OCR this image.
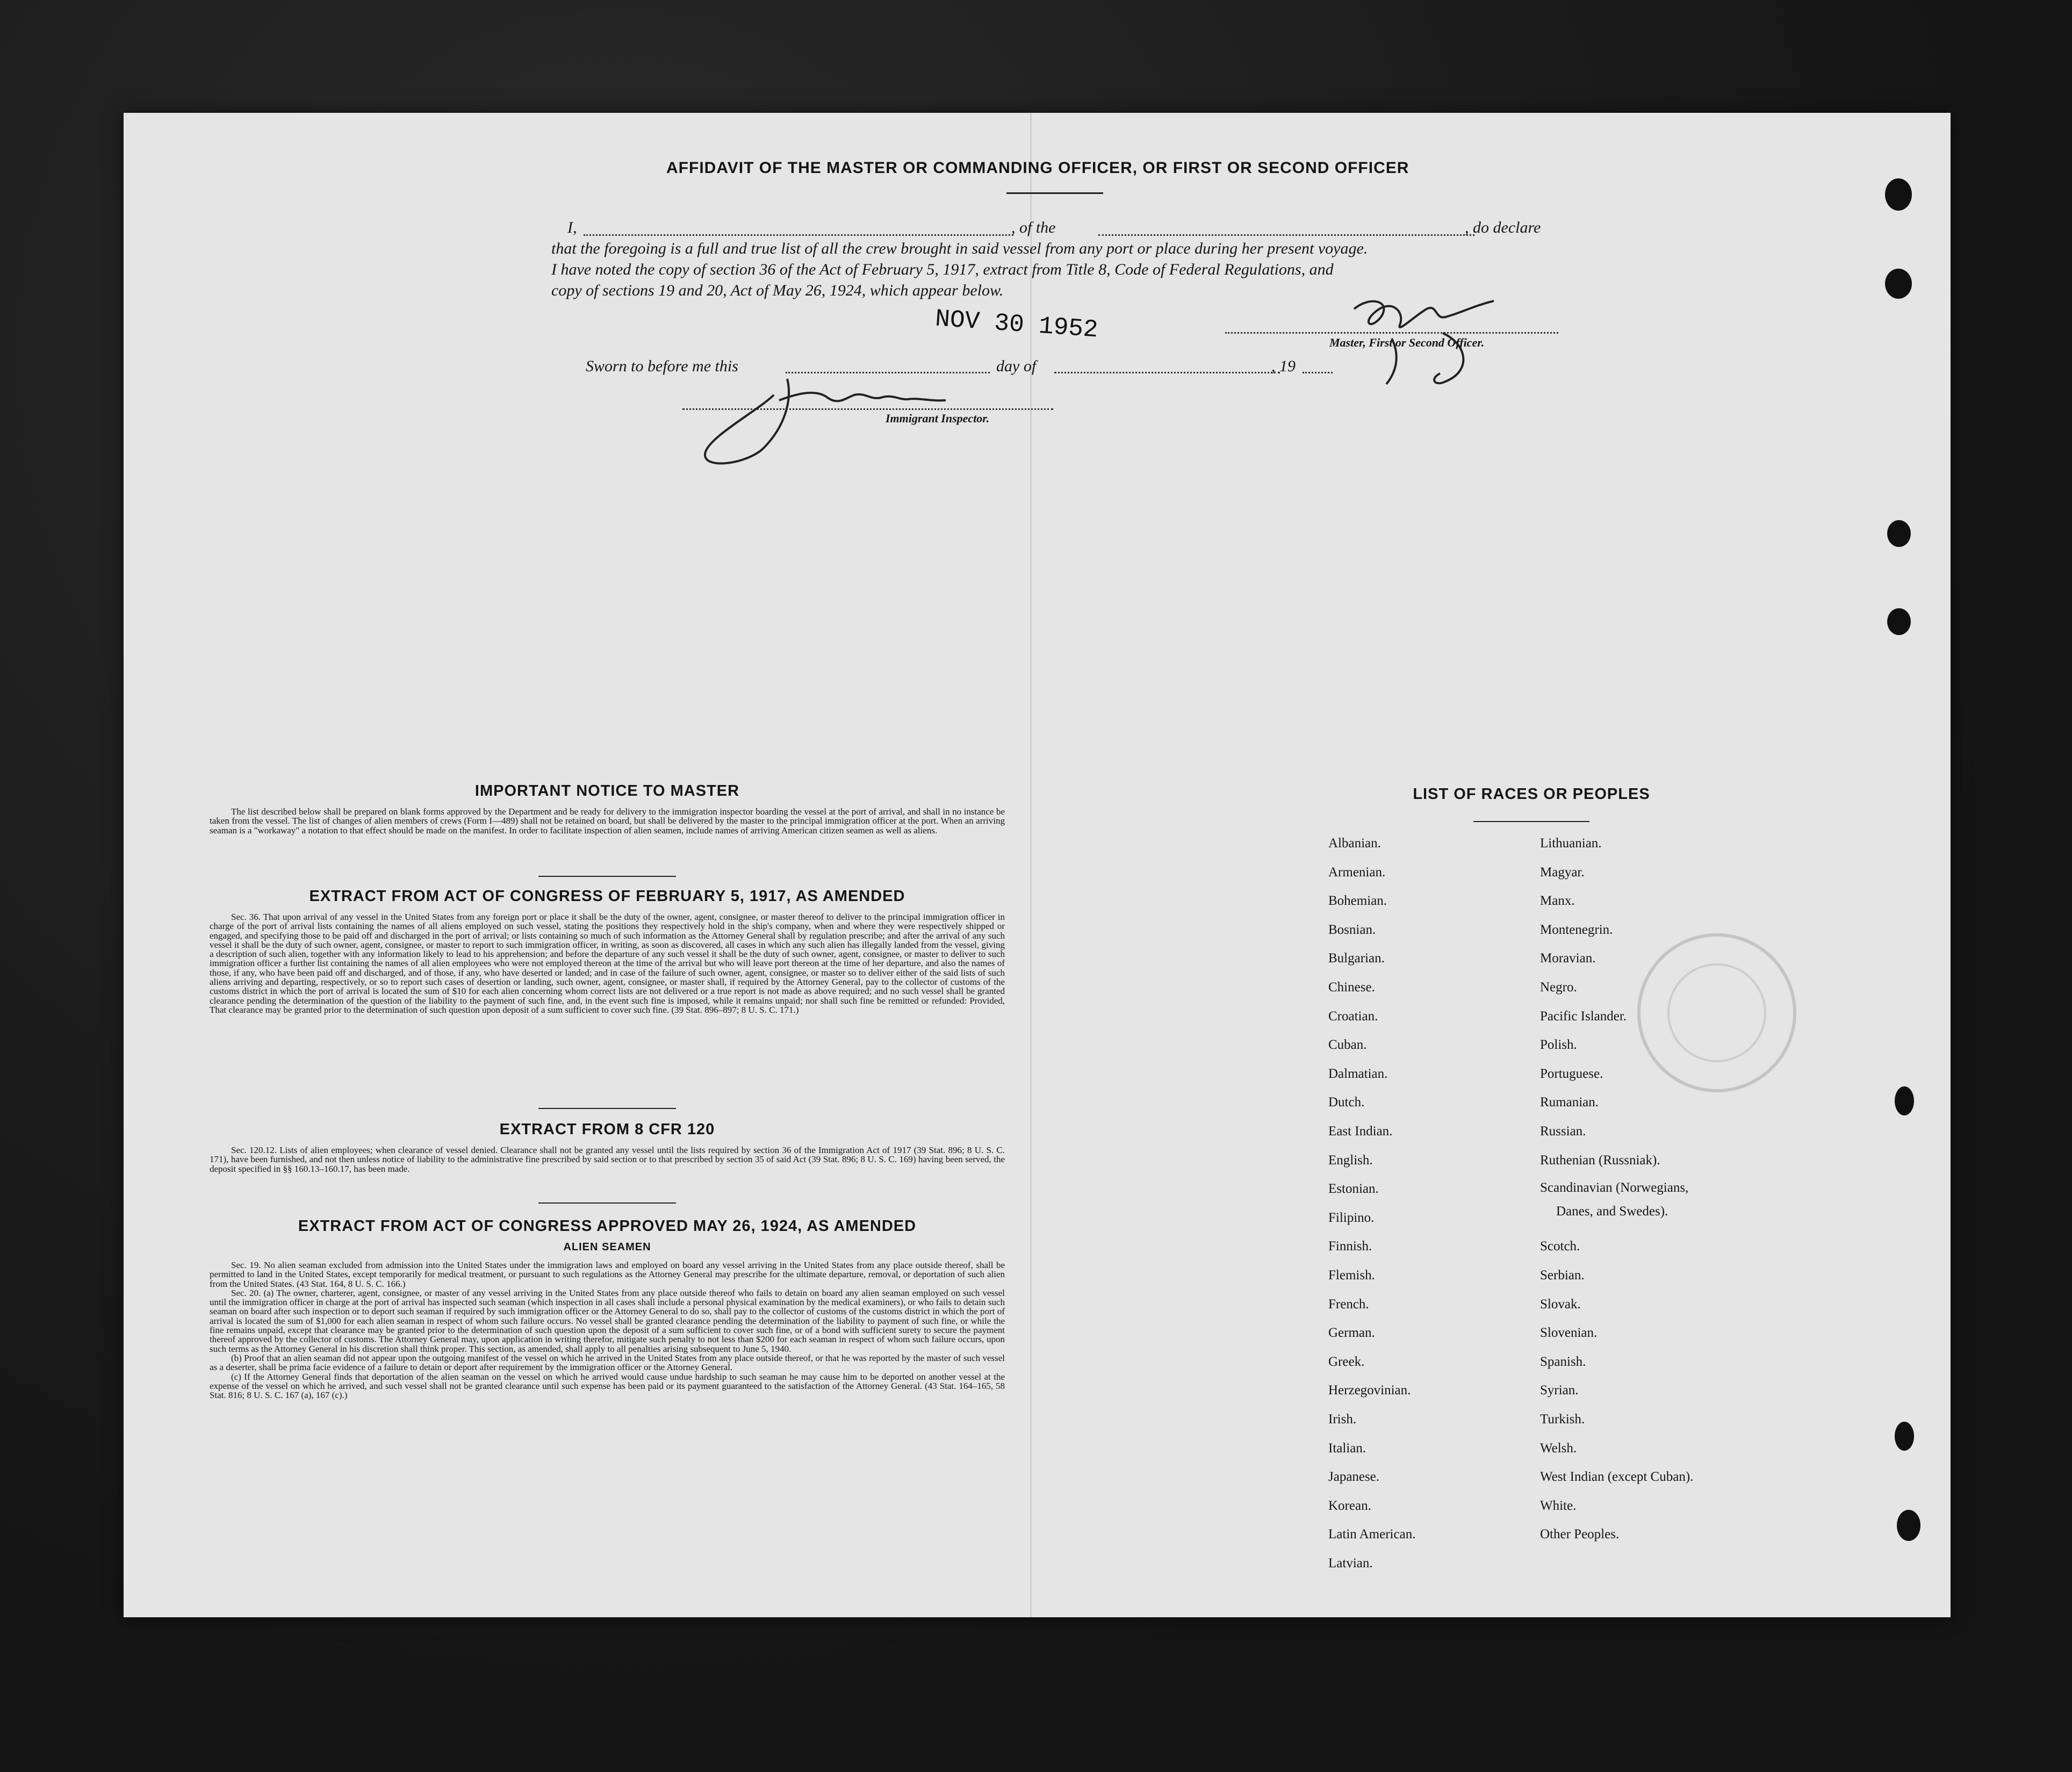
AFFIDAVIT OF THE MASTER OR COMMANDING OFFICER, OR FIRST OR SECOND OFFICER
I,	, of the	, do declare
that the foregoing is a full and true list of all the crew brought in said vessel from any port or place during her present voyage.
I have noted the copy of section 36 of the Act of February 5, 1917, extract from Title 8, Code of Federal Regulations, and
copy of sections 19 and 20, Act of May 26, 1924, which appear below.
NOV 30 1952	Master, First or Second Officer.
Sworn to before me this	day of	, 19
Immigrant Inspector.
IMPORTANT NOTICE TO MASTER

The list described below shall be prepared on blank forms approved by the Department and be ready for delivery to the immigration inspector boarding the vessel at the port of arrival, and shall in no instance be taken from the vessel. The list of changes of alien members of crews (Form I—489) shall not be retained on board, but shall be delivered by the master to the principal immigration officer at the port. When an arriving seaman is a "workaway" a notation to that effect should be made on the manifest. In order to facilitate inspection of alien seamen, include names of arriving American citizen seamen as well as aliens.

EXTRACT FROM ACT OF CONGRESS OF FEBRUARY 5, 1917, AS AMENDED

Sec. 36. That upon arrival of any vessel in the United States from any foreign port or place it shall be the duty of the owner, agent, consignee, or master thereof to deliver to the principal immigration officer in charge of the port of arrival lists containing the names of all aliens employed on such vessel, stating the positions they respectively hold in the ship's company, when and where they were respectively shipped or engaged, and specifying those to be paid off and discharged in the port of arrival; or lists containing so much of such information as the Attorney General shall by regulation prescribe; and after the arrival of any such vessel it shall be the duty of such owner, agent, consignee, or master to report to such immigration officer, in writing, as soon as discovered, all cases in which any such alien has illegally landed from the vessel, giving a description of such alien, together with any information likely to lead to his apprehension; and before the departure of any such vessel it shall be the duty of such owner, agent, consignee, or master to deliver to such immigration officer a further list containing the names of all alien employees who were not employed thereon at the time of the arrival but who will leave port thereon at the time of her departure, and also the names of those, if any, who have been paid off and discharged, and of those, if any, who have deserted or landed; and in case of the failure of such owner, agent, consignee, or master so to deliver either of the said lists of such aliens arriving and departing, respectively, or so to report such cases of desertion or landing, such owner, agent, consignee, or master shall, if required by the Attorney General, pay to the collector of customs of the customs district in which the port of arrival is located the sum of $10 for each alien concerning whom correct lists are not delivered or a true report is not made as above required; and no such vessel shall be granted clearance pending the determination of the question of the liability to the payment of such fine, and, in the event such fine is imposed, while it remains unpaid; nor shall such fine be remitted or refunded: Provided, That clearance may be granted prior to the determination of such question upon deposit of a sum sufficient to cover such fine. (39 Stat. 896–897; 8 U. S. C. 171.)

EXTRACT FROM 8 CFR 120

Sec. 120.12. Lists of alien employees; when clearance of vessel denied. Clearance shall not be granted any vessel until the lists required by section 36 of the Immigration Act of 1917 (39 Stat. 896; 8 U. S. C. 171), have been furnished, and not then unless notice of liability to the administrative fine prescribed by said section or to that prescribed by section 35 of said Act (39 Stat. 896; 8 U. S. C. 169) having been served, the deposit specified in §§ 160.13–160.17, has been made.

EXTRACT FROM ACT OF CONGRESS APPROVED MAY 26, 1924, AS AMENDED
ALIEN SEAMEN

Sec. 19. No alien seaman excluded from admission into the United States under the immigration laws and employed on board any vessel arriving in the United States from any place outside thereof, shall be permitted to land in the United States, except temporarily for medical treatment, or pursuant to such regulations as the Attorney General may prescribe for the ultimate departure, removal, or deportation of such alien from the United States. (43 Stat. 164, 8 U. S. C. 166.)

Sec. 20. (a) The owner, charterer, agent, consignee, or master of any vessel arriving in the United States from any place outside thereof who fails to detain on board any alien seaman employed on such vessel until the immigration officer in charge at the port of arrival has inspected such seaman (which inspection in all cases shall include a personal physical examination by the medical examiners), or who fails to detain such seaman on board after such inspection or to deport such seaman if required by such immigration officer or the Attorney General to do so, shall pay to the collector of customs of the customs district in which the port of arrival is located the sum of $1,000 for each alien seaman in respect of whom such failure occurs. No vessel shall be granted clearance pending the determination of the liability to payment of such fine, or while the fine remains unpaid, except that clearance may be granted prior to the determination of such question upon the deposit of a sum sufficient to cover such fine, or of a bond with sufficient surety to secure the payment thereof approved by the collector of customs. The Attorney General may, upon application in writing therefor, mitigate such penalty to not less than $200 for each seaman in respect of whom such failure occurs, upon such terms as the Attorney General in his discretion shall think proper. This section, as amended, shall apply to all penalties arising subsequent to June 5, 1940.

(b) Proof that an alien seaman did not appear upon the outgoing manifest of the vessel on which he arrived in the United States from any place outside thereof, or that he was reported by the master of such vessel as a deserter, shall be prima facie evidence of a failure to detain or deport after requirement by the immigration officer or the Attorney General.

(c) If the Attorney General finds that deportation of the alien seaman on the vessel on which he arrived would cause undue hardship to such seaman he may cause him to be deported on another vessel at the expense of the vessel on which he arrived, and such vessel shall not be granted clearance until such expense has been paid or its payment guaranteed to the satisfaction of the Attorney General. (43 Stat. 164–165, 58 Stat. 816; 8 U. S. C. 167 (a), 167 (c).)

LIST OF RACES OR PEOPLES
Albanian.
Armenian.
Bohemian.
Bosnian.
Bulgarian.
Chinese.
Croatian.
Cuban.
Dalmatian.
Dutch.
East Indian.
English.
Estonian.
Filipino.
Finnish.
Flemish.
French.
German.
Greek.
Herzegovinian.
Irish.
Italian.
Japanese.
Korean.
Latin American.
Latvian.
Lithuanian.
Magyar.
Manx.
Montenegrin.
Moravian.
Negro.
Pacific Islander.
Polish.
Portuguese.
Rumanian.
Russian.
Ruthenian (Russniak).
Scandinavian (Norwegians,
Danes, and Swedes).
Scotch.
Serbian.
Slovak.
Slovenian.
Spanish.
Syrian.
Turkish.
Welsh.
West Indian (except Cuban).
White.
Other Peoples.
